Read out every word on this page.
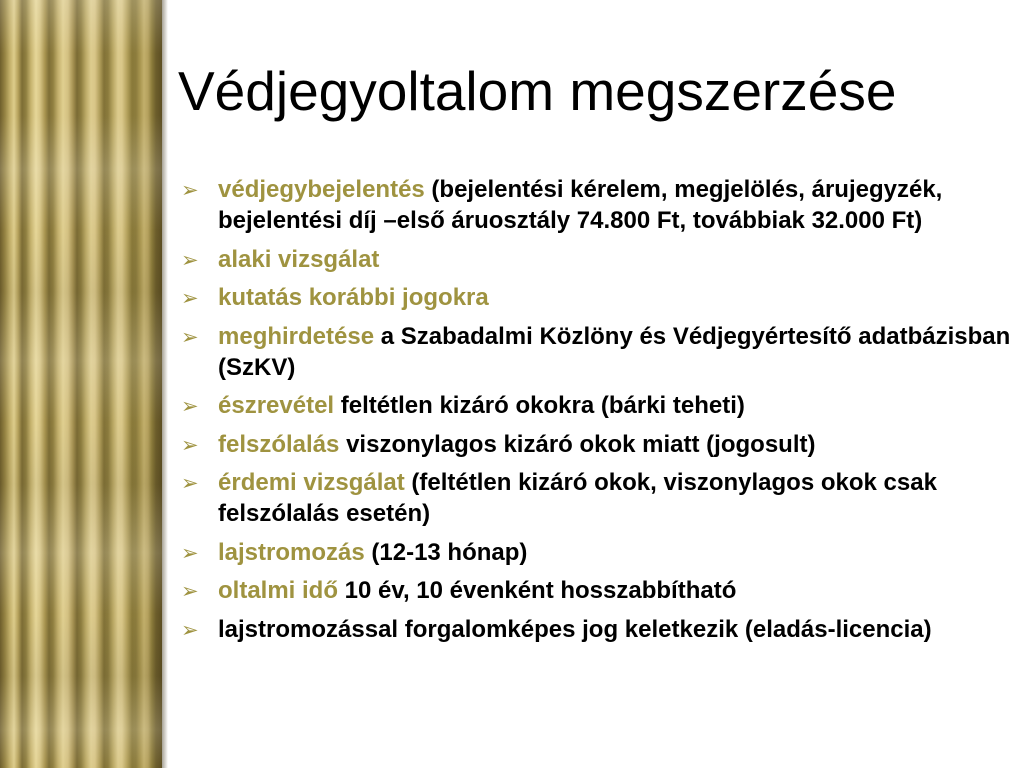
Védjegyoltalom megszerzése
➢ védjegybejelentés (bejelentési kérelem, megjelölés, árujegyzék, bejelentési díj –első áruosztály 74.800 Ft, továbbiak 32.000 Ft)
➢ alaki vizsgálat
➢ kutatás korábbi jogokra
➢ meghirdetése a Szabadalmi Közlöny és Védjegyértesítő adatbázisban (SzKV)
➢ észrevétel feltétlen kizáró okokra (bárki teheti)
➢ felszólalás viszonylagos kizáró okok miatt (jogosult)
➢ érdemi vizsgálat (feltétlen kizáró okok, viszonylagos okok csak felszólalás esetén)
➢ lajstromozás (12-13 hónap)
➢ oltalmi idő 10 év, 10 évenként hosszabbítható
➢ lajstromozással forgalomképes jog keletkezik (eladás-licencia)
